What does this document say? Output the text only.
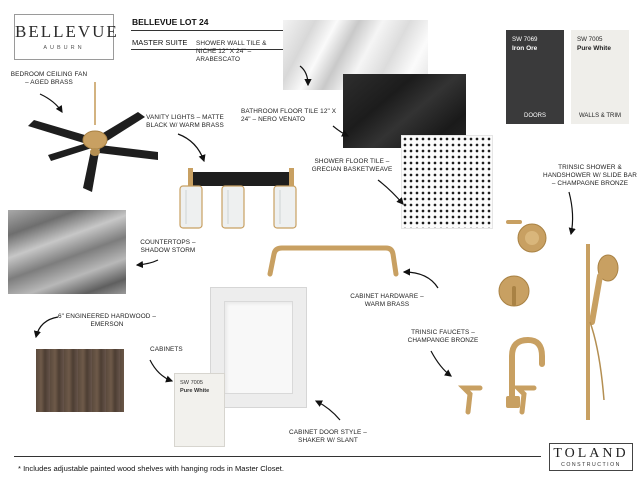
BELLEVUE
AUBURN
BELLEVUE LOT 24
MASTER SUITE	SW 7069
Iron Ore
DOORS
SW 7005
Pure White
WALLS & TRIM
SW 7005
Pure White
SHOWER WALL TILE & NICHE 12" X 24" – ARABESCATO
BATHROOM FLOOR TILE 12" X 24" – NERO VENATO
SHOWER FLOOR TILE – GRECIAN BASKETWEAVE
BEDROOM CEILING FAN – AGED BRASS
VANITY LIGHTS – MATTE BLACK W/ WARM BRASS
COUNTERTOPS – SHADOW STORM
TRINSIC SHOWER & HANDSHOWER W/ SLIDE BAR – CHAMPAGNE BRONZE
CABINET HARDWARE – WARM BRASS
6" ENGINEERED HARDWOOD – EMERSON
CABINETS
TRINSIC FAUCETS – CHAMPANGE BRONZE
CABINET DOOR STYLE – SHAKER W/ SLANT
* Includes adjustable painted wood shelves with hanging rods in Master Closet.
TOLAND
CONSTRUCTION
